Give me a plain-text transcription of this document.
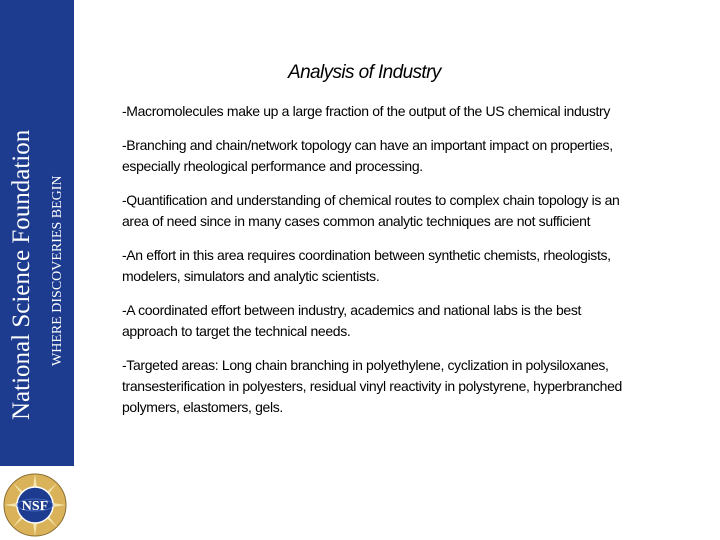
National Science Foundation	WHERE DISCOVERIES BEGIN
NSF
Analysis of Industry
-Macromolecules make up a large fraction of the output of the US chemical industry
-Branching and chain/network topology can have an important impact on properties, especially rheological performance and processing.
-Quantification and understanding of chemical routes to complex chain topology is an area of need since in many cases common analytic techniques are not sufficient
-An effort in this area requires coordination between synthetic chemists, rheologists, modelers, simulators and analytic scientists.
-A coordinated effort between industry, academics and national labs is the best approach to target the technical needs.
-Targeted areas: Long chain branching in polyethylene, cyclization in polysiloxanes, transesterification in polyesters, residual vinyl reactivity in polystyrene, hyperbranched polymers, elastomers, gels.
